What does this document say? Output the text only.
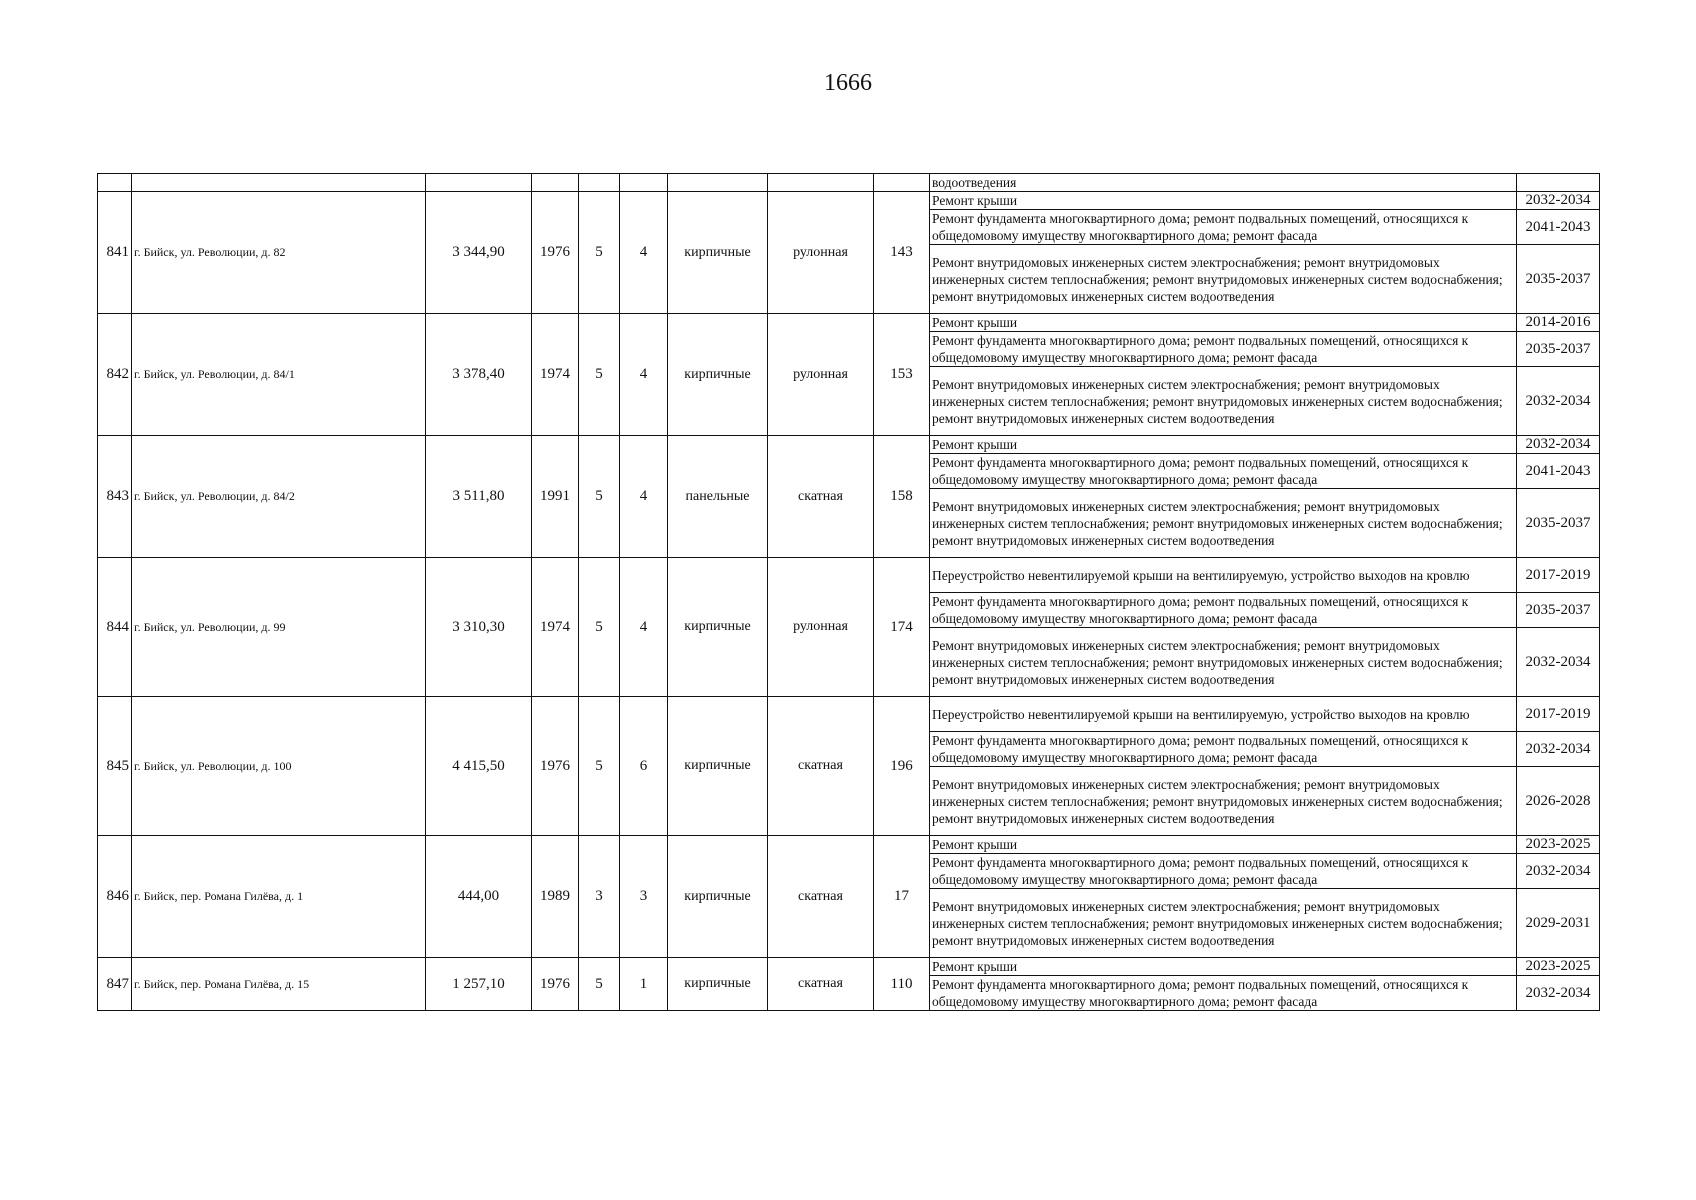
1666
									водоотведения	
841	г. Бийск, ул. Революции, д. 82	3 344,90	1976	5	4	кирпичные	рулонная	143	Ремонт крыши	2032-2034
									Ремонт фундамента многоквартирного дома; ремонт подвальных помещений, относящихся к общедомовому имуществу многоквартирного дома; ремонт фасада	2041-2043
									Ремонт внутридомовых инженерных систем электроснабжения; ремонт внутридомовых инженерных систем теплоснабжения; ремонт внутридомовых инженерных систем водоснабжения; ремонт внутридомовых инженерных систем водоотведения	2035-2037
842	г. Бийск, ул. Революции, д. 84/1	3 378,40	1974	5	4	кирпичные	рулонная	153	Ремонт крыши	2014-2016
									Ремонт фундамента многоквартирного дома; ремонт подвальных помещений, относящихся к общедомовому имуществу многоквартирного дома; ремонт фасада	2035-2037
									Ремонт внутридомовых инженерных систем электроснабжения; ремонт внутридомовых инженерных систем теплоснабжения; ремонт внутридомовых инженерных систем водоснабжения; ремонт внутридомовых инженерных систем водоотведения	2032-2034
843	г. Бийск, ул. Революции, д. 84/2	3 511,80	1991	5	4	панельные	скатная	158	Ремонт крыши	2032-2034
									Ремонт фундамента многоквартирного дома; ремонт подвальных помещений, относящихся к общедомовому имуществу многоквартирного дома; ремонт фасада	2041-2043
									Ремонт внутридомовых инженерных систем электроснабжения; ремонт внутридомовых инженерных систем теплоснабжения; ремонт внутридомовых инженерных систем водоснабжения; ремонт внутридомовых инженерных систем водоотведения	2035-2037
844	г. Бийск, ул. Революции, д. 99	3 310,30	1974	5	4	кирпичные	рулонная	174	Переустройство невентилируемой крыши на вентилируемую, устройство выходов на кровлю	2017-2019
									Ремонт фундамента многоквартирного дома; ремонт подвальных помещений, относящихся к общедомовому имуществу многоквартирного дома; ремонт фасада	2035-2037
									Ремонт внутридомовых инженерных систем электроснабжения; ремонт внутридомовых инженерных систем теплоснабжения; ремонт внутридомовых инженерных систем водоснабжения; ремонт внутридомовых инженерных систем водоотведения	2032-2034
845	г. Бийск, ул. Революции, д. 100	4 415,50	1976	5	6	кирпичные	скатная	196	Переустройство невентилируемой крыши на вентилируемую, устройство выходов на кровлю	2017-2019
									Ремонт фундамента многоквартирного дома; ремонт подвальных помещений, относящихся к общедомовому имуществу многоквартирного дома; ремонт фасада	2032-2034
									Ремонт внутридомовых инженерных систем электроснабжения; ремонт внутридомовых инженерных систем теплоснабжения; ремонт внутридомовых инженерных систем водоснабжения; ремонт внутридомовых инженерных систем водоотведения	2026-2028
846	г. Бийск, пер. Романа Гилёва, д. 1	444,00	1989	3	3	кирпичные	скатная	17	Ремонт крыши	2023-2025
									Ремонт фундамента многоквартирного дома; ремонт подвальных помещений, относящихся к общедомовому имуществу многоквартирного дома; ремонт фасада	2032-2034
									Ремонт внутридомовых инженерных систем электроснабжения; ремонт внутридомовых инженерных систем теплоснабжения; ремонт внутридомовых инженерных систем водоснабжения; ремонт внутридомовых инженерных систем водоотведения	2029-2031
847	г. Бийск, пер. Романа Гилёва, д. 15	1 257,10	1976	5	1	кирпичные	скатная	110	Ремонт крыши	2023-2025
									Ремонт фундамента многоквартирного дома; ремонт подвальных помещений, относящихся к общедомовому имуществу многоквартирного дома; ремонт фасада	2032-2034
